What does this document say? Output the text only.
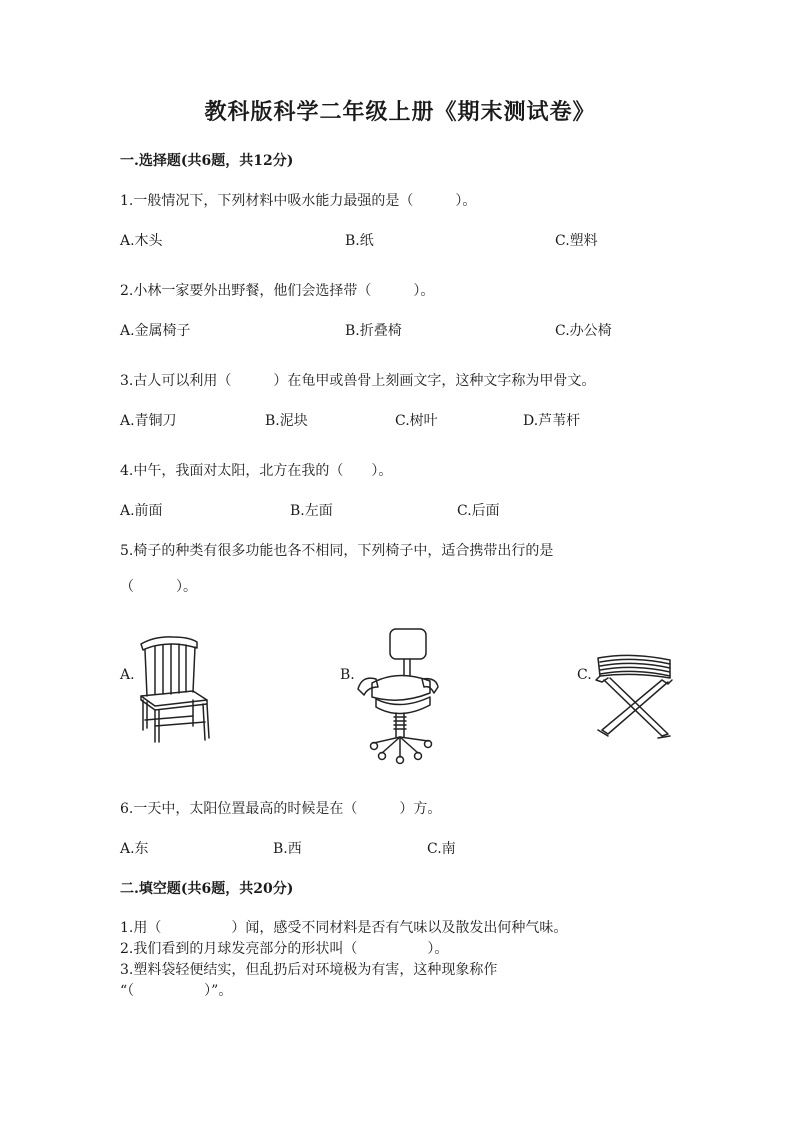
教科版科学二年级上册《期末测试卷》
一.选择题(共6题，共12分)
1.一般情况下，下列材料中吸水能力最强的是（　　　）。
A.木头	B.纸	C.塑料
2.小林一家要外出野餐，他们会选择带（　　　）。
A.金属椅子	B.折叠椅	C.办公椅
3.古人可以利用（　　　）在龟甲或兽骨上刻画文字，这种文字称为甲骨文。
A.青铜刀	B.泥块	C.树叶	D.芦苇杆
4.中午，我面对太阳，北方在我的（　　）。
A.前面	B.左面	C.后面
5.椅子的种类有很多功能也各不相同，下列椅子中，适合携带出行的是
（　　　）。
A.	B.	C.
6.一天中，太阳位置最高的时候是在（　　　）方。
A.东	B.西	C.南
二.填空题(共6题，共20分)
1.用（　　　　　）闻，感受不同材料是否有气味以及散发出何种气味。
2.我们看到的月球发亮部分的形状叫（　　　　　）。
3.塑料袋轻便结实，但乱扔后对环境极为有害，这种现象称作
“（　　　　　）”。
